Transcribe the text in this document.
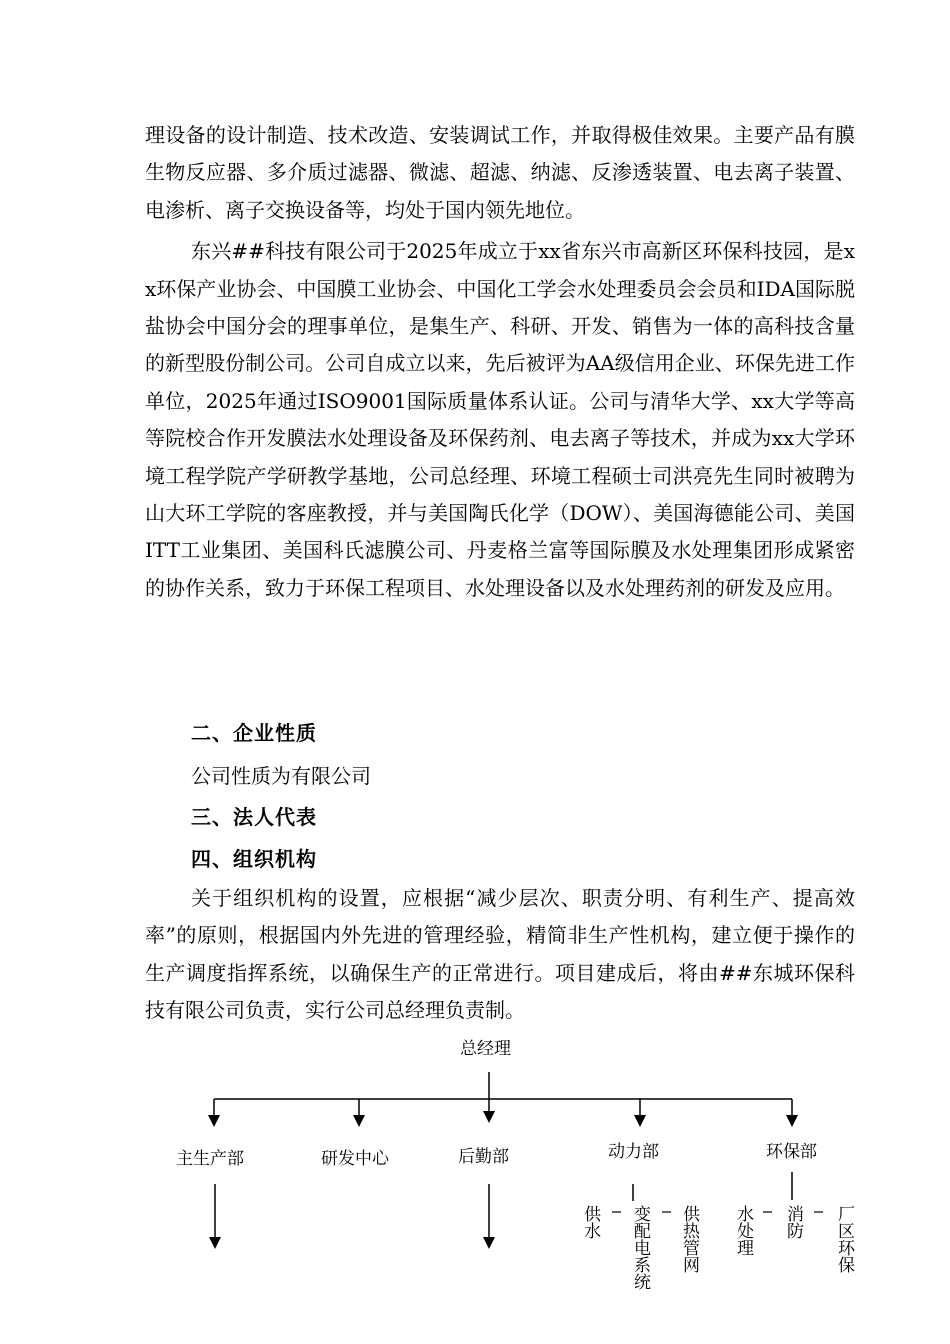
理设备的设计制造、技术改造、安装调试工作，并取得极佳效果。主要产品有膜生物反应器、多介质过滤器、微滤、超滤、纳滤、反渗透装置、电去离子装置、电渗析、离子交换设备等，均处于国内领先地位。

东兴##科技有限公司于2025年成立于xx省东兴市高新区环保科技园，是xx环保产业协会、中国膜工业协会、中国化工学会水处理委员会会员和IDA国际脱盐协会中国分会的理事单位，是集生产、科研、开发、销售为一体的高科技含量的新型股份制公司。公司自成立以来，先后被评为AA级信用企业、环保先进工作单位，2025年通过ISO9001国际质量体系认证。公司与清华大学、xx大学等高等院校合作开发膜法水处理设备及环保药剂、电去离子等技术，并成为xx大学环境工程学院产学研教学基地，公司总经理、环境工程硕士司洪亮先生同时被聘为山大环工学院的客座教授，并与美国陶氏化学（DOW）、美国海德能公司、美国ITT工业集团、美国科氏滤膜公司、丹麦格兰富等国际膜及水处理集团形成紧密的协作关系，致力于环保工程项目、水处理设备以及水处理药剂的研发及应用。

二、企业性质
公司性质为有限公司
三、法人代表
四、组织机构

关于组织机构的设置，应根据“减少层次、职责分明、有利生产、提高效率”的原则，根据国内外先进的管理经验，精简非生产性机构，建立便于操作的生产调度指挥系统，以确保生产的正常进行。项目建成后，将由##东城环保科技有限公司负责，实行公司总经理负责制。

总经理
主生产部	研发中心	后勤部	动力部	环保部
供水 变配电系统 供热管网 水处理 消防 厂区环保
